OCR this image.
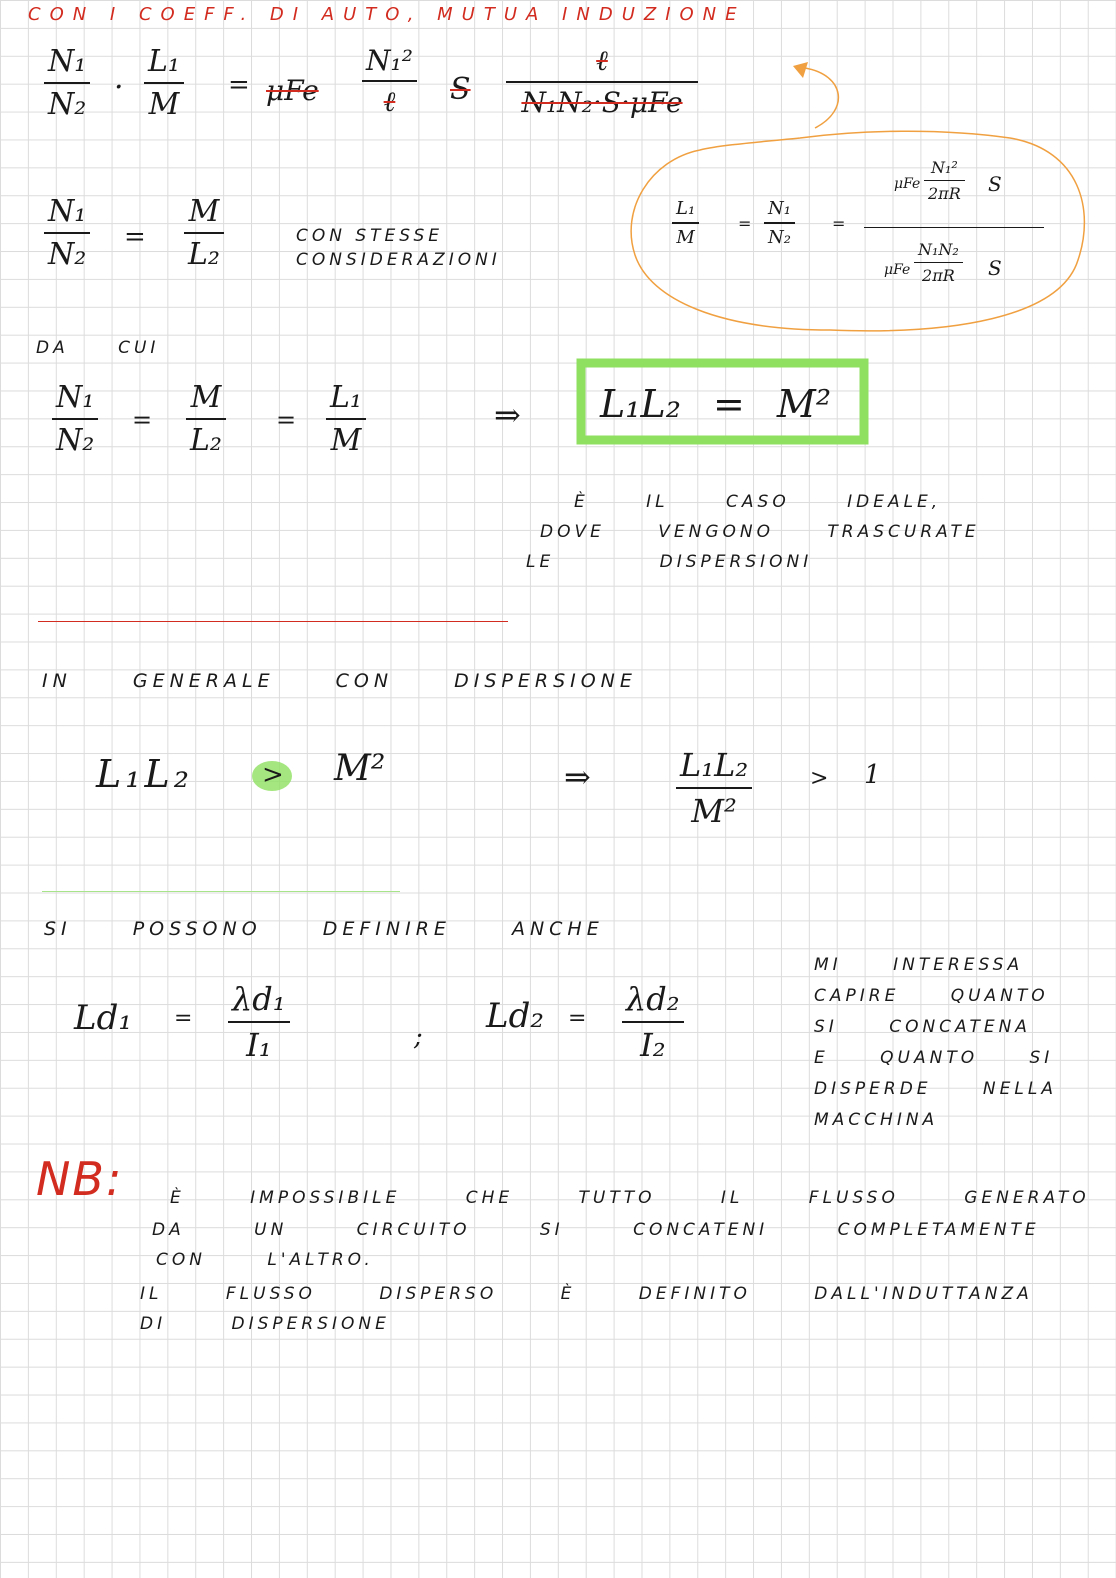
CON I COEFF. DI AUTO, MUTUA INDUZIONE
N₁
N₂ ·
L₁
M
= μFe
N₁²
ℓ S
ℓ
N₁N₂·S·μFe
N₁
N₂ =
M
L₂
CON STESSE CONSIDERAZIONI
L₁
M
=
N₁
N₂
=
μFe
N₁²
2πR S
μFe
N₁N₂
2πR S
DA CUI
N₁
N₂
=
M
L₂
=
L₁
M
⇒ L₁L₂ = M²
È IL CASO IDEALE,
DOVE VENGONO TRASCURATE
LE DISPERSIONI
IN GENERALE CON DISPERSIONE
L₁L₂	> M²	⇒	L₁L₂
M²
> 1
SI POSSONO DEFINIRE ANCHE
Ld₁ =
λd₁
I₁	;
Ld₂ =
λd₂
I₂
MI INTERESSA
CAPIRE QUANTO
SI CONCATENA
E QUANTO SI
DISPERDE NELLA
MACCHINA
NB:	È IMPOSSIBILE CHE TUTTO IL FLUSSO GENERATO
DA UN CIRCUITO SI CONCATENI COMPLETAMENTE
CON L'ALTRO.
IL FLUSSO DISPERSO È DEFINITO DALL'INDUTTANZA
DI DISPERSIONE
